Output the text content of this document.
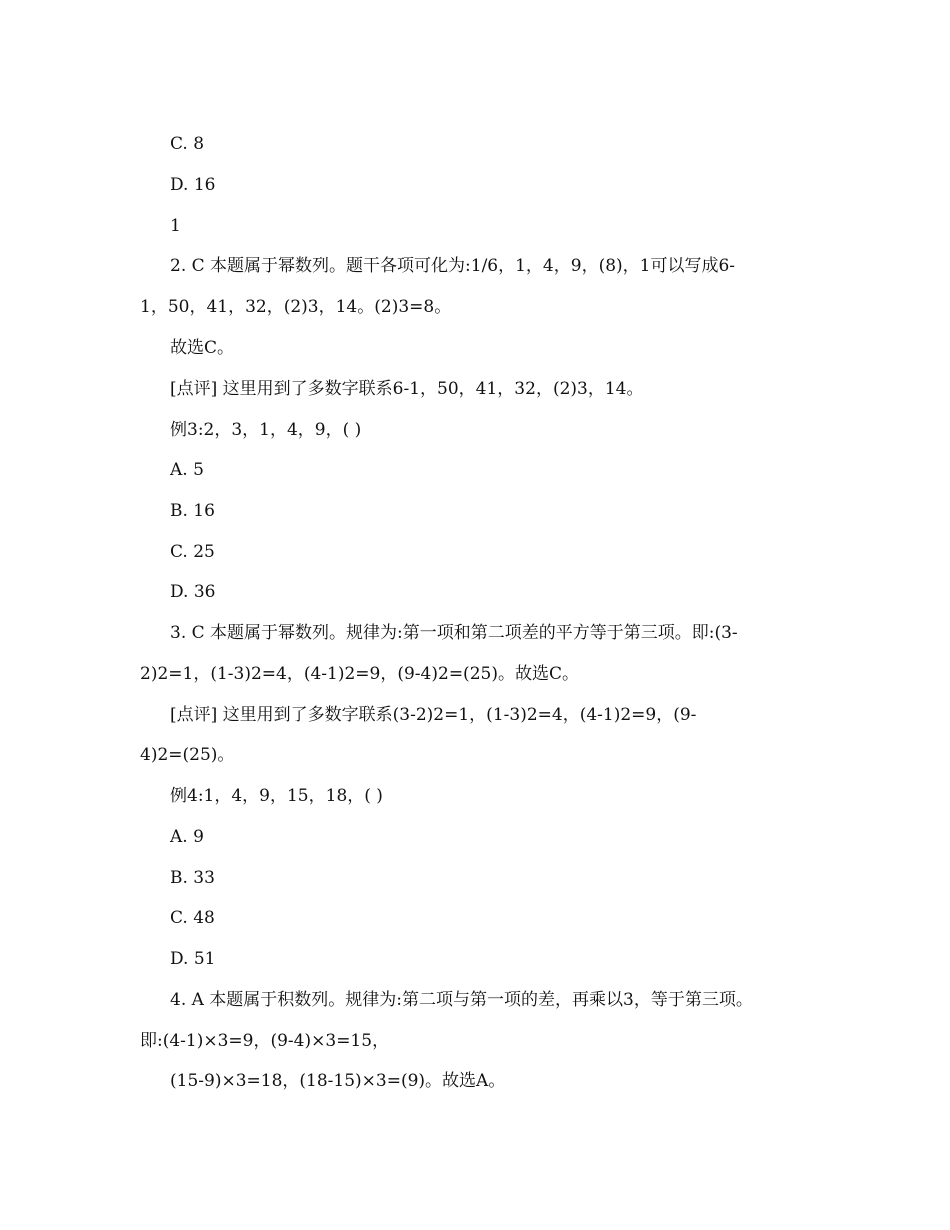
C. 8
D. 16
1
2. C 本题属于幂数列。题干各项可化为:1/6，1，4，9，(8)，1可以写成6-
1，50，41，32，(2)3，14。(2)3=8。
故选C。
[点评] 这里用到了多数字联系6-1，50，41，32，(2)3，14。
例3:2，3，1，4，9，( )
A. 5
B. 16
C. 25
D. 36
3. C 本题属于幂数列。规律为:第一项和第二项差的平方等于第三项。即:(3-
2)2=1，(1-3)2=4，(4-1)2=9，(9-4)2=(25)。故选C。
[点评] 这里用到了多数字联系(3-2)2=1，(1-3)2=4，(4-1)2=9，(9-
4)2=(25)。
例4:1，4，9，15，18，( )
A. 9
B. 33
C. 48
D. 51
4. A 本题属于积数列。规律为:第二项与第一项的差，再乘以3，等于第三项。
即:(4-1)×3=9，(9-4)×3=15，
(15-9)×3=18，(18-15)×3=(9)。故选A。
